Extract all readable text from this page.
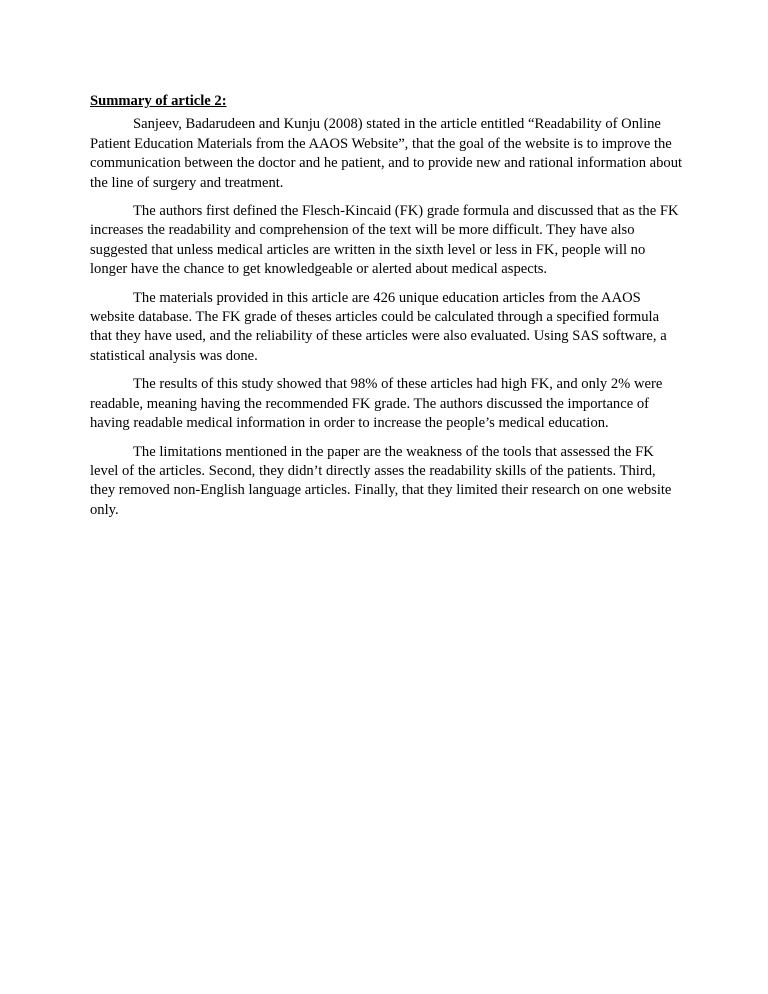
Summary of article 2:

Sanjeev, Badarudeen and Kunju (2008) stated in the article entitled “Readability of Online Patient Education Materials from the AAOS Website”, that the goal of the website is to improve the communication between the doctor and he patient, and to provide new and rational information about the line of surgery and treatment.

The authors first defined the Flesch-Kincaid (FK) grade formula and discussed that as the FK increases the readability and comprehension of the text will be more difficult. They have also suggested that unless medical articles are written in the sixth level or less in FK, people will no longer have the chance to get knowledgeable or alerted about medical aspects.

The materials provided in this article are 426 unique education articles from the AAOS website database. The FK grade of theses articles could be calculated through a specified formula that they have used, and the reliability of these articles were also evaluated. Using SAS software, a statistical analysis was done.

The results of this study showed that 98% of these articles had high FK, and only 2% were readable, meaning having the recommended FK grade. The authors discussed the importance of having readable medical information in order to increase the people’s medical education.

The limitations mentioned in the paper are the weakness of the tools that assessed the FK level of the articles. Second, they didn’t directly asses the readability skills of the patients. Third, they removed non-English language articles. Finally, that they limited their research on one website only.
